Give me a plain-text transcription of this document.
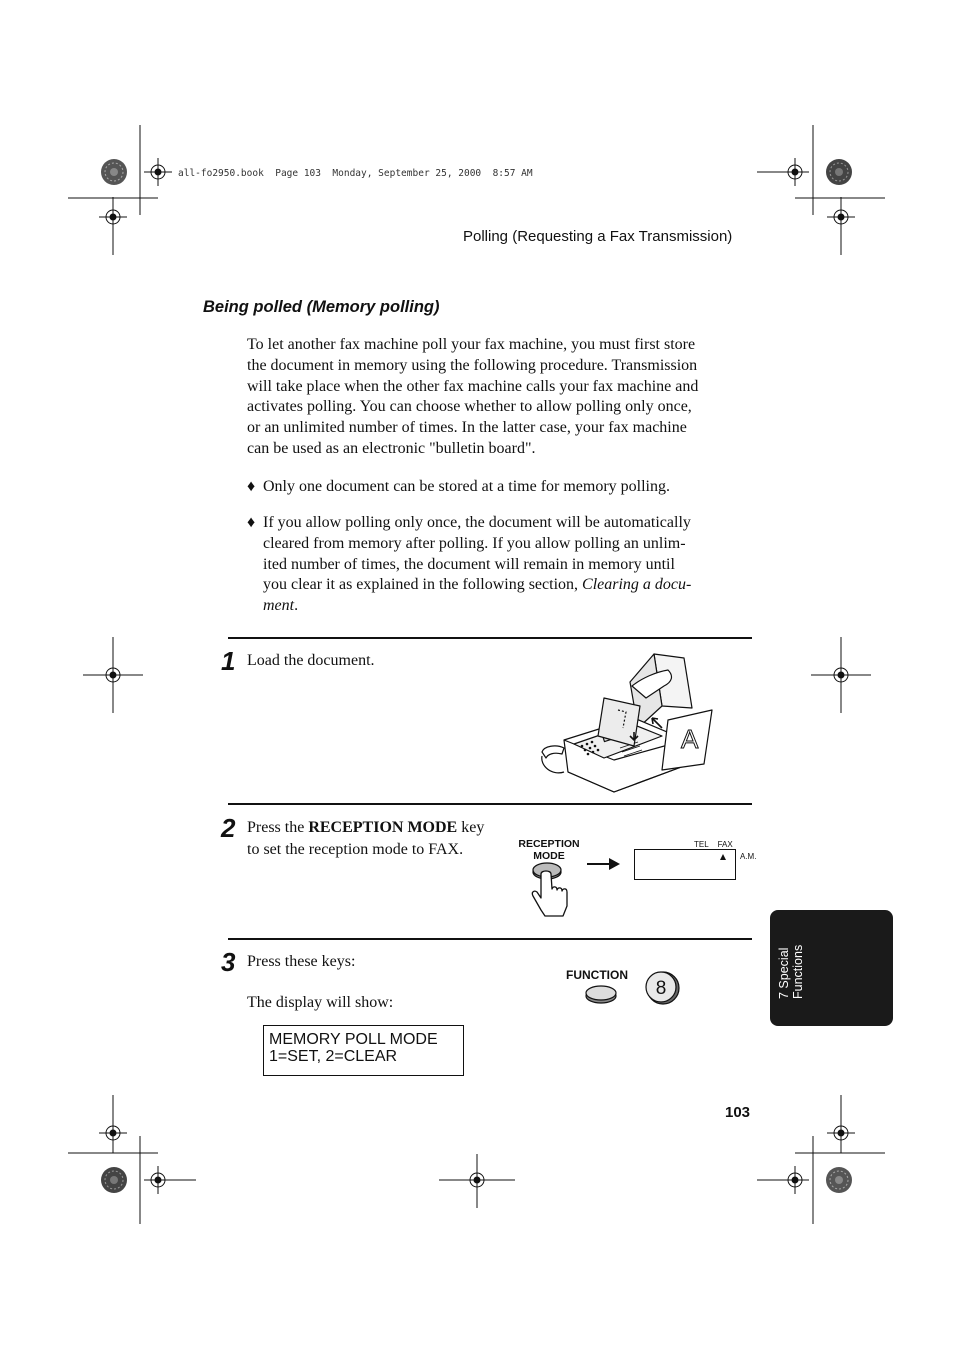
all-fo2950.book  Page 103  Monday, September 25, 2000  8:57 AM
Polling (Requesting a Fax Transmission)
Being polled (Memory polling)
To let another fax machine poll your fax machine, you must first store
the document in memory using the following procedure. Transmission
will take place when the other fax machine calls your fax machine and
activates polling. You can choose whether to allow polling only once,
or an unlimited number of times. In the latter case, your fax machine
can be used as an electronic "bulletin board".
♦ Only one document can be stored at a time for memory polling.
♦ If you allow polling only once, the document will be automatically
cleared from memory after polling. If you allow polling an unlim-
ited number of times, the document will remain in memory until
you clear it as explained in the following section, Clearing a docu-
ment.
1 Load the document.
A
2 Press the RECEPTION MODE key
to set the reception mode to FAX.	RECEPTION
MODE
TEL FAX
A.M.
3 Press these keys:
The display will show:
FUNCTION
8
MEMORY POLL MODE
1=SET, 2=CLEAR
103
7 Special Functions
